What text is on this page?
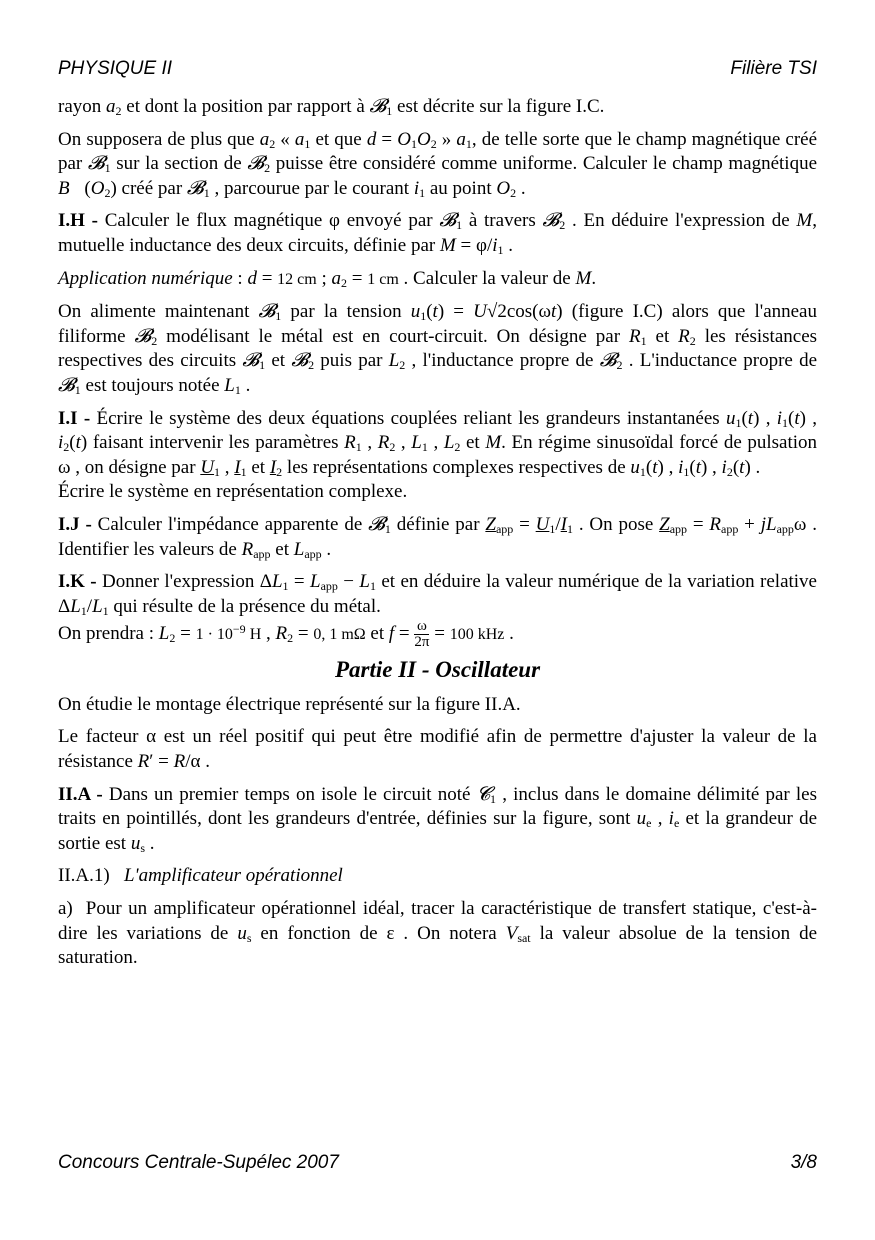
PHYSIQUE II	Filière TSI

rayon $a_2$ et dont la position par rapport à 𝓑$_1$ est décrite sur la figure I.C.

On supposera de plus que $a_2$ « $a_1$ et que $d = O_1O_2$ » $a_1$, de telle sorte que le champ magnétique créé par 𝓑$_1$ sur la section de 𝓑$_2$ puisse être considéré comme uniforme. Calculer le champ magnétique $B⃗(O_2)$ créé par 𝓑$_1$ , parcourue par le courant $i_1$ au point $O_2$ .

I.H - Calculer le flux magnétique φ envoyé par 𝓑$_1$ à travers 𝓑$_2$ . En déduire l'expression de M, mutuelle inductance des deux circuits, définie par $M = \varphi/i_1$ .

Application numérique : d = 12 cm ; $a_2 = 1$ cm . Calculer la valeur de M.

On alimente maintenant 𝓑$_1$ par la tension $u_1(t) = U√2\cos(\omega t)$ (figure I.C) alors que l'anneau filiforme 𝓑$_2$ modélisant le métal est en court-circuit. On désigne par $R_1$ et $R_2$ les résistances respectives des circuits 𝓑$_1$ et 𝓑$_2$ puis par $L_2$ , l'inductance propre de 𝓑$_2$ . L'inductance propre de 𝓑$_1$ est toujours notée $L_1$ .

I.I - Écrire le système des deux équations couplées reliant les grandeurs instantanées $u_1(t)$ , $i_1(t)$ , $i_2(t)$ faisant intervenir les paramètres $R_1$ , $R_2$ , $L_1$ , $L_2$ et M. En régime sinusoïdal forcé de pulsation ω , on désigne par $U_1$ , $I_1$ et $I_2$ les représentations complexes respectives de $u_1(t)$ , $i_1(t)$ , $i_2(t)$ .
Écrire le système en représentation complexe.

I.J - Calculer l'impédance apparente de 𝓑$_1$ définie par $Z_{app} = U_1/I_1$ . On pose $Z_{app} = R_{app} + jL_{app}\omega$ . Identifier les valeurs de $R_{app}$ et $L_{app}$ .

I.K - Donner l'expression $\Delta L_1 = L_{app} - L_1$ et en déduire la valeur numérique de la variation relative $\Delta L_1/L_1$ qui résulte de la présence du métal.
On prendra : $L_2 = 1 \cdot 10^{-9}$ H , $R_2 = 0$, 1 mΩ et $f = \frac{\omega}{2\pi} = 100$ kHz .

Partie II - Oscillateur

On étudie le montage électrique représenté sur la figure II.A.

Le facteur α est un réel positif qui peut être modifié afin de permettre d'ajuster la valeur de la résistance R′ = R/α .

II.A - Dans un premier temps on isole le circuit noté 𝓒$_1$ , inclus dans le domaine délimité par les traits en pointillés, dont les grandeurs d'entrée, définies sur la figure, sont $u_e$ , $i_e$ et la grandeur de sortie est $u_s$ .

II.A.1) L'amplificateur opérationnel

a)  Pour un amplificateur opérationnel idéal, tracer la caractéristique de transfert statique, c'est-à-dire les variations de $u_s$ en fonction de ε . On notera $V_{sat}$ la valeur absolue de la tension de saturation.

Concours Centrale-Supélec 2007	3/8
